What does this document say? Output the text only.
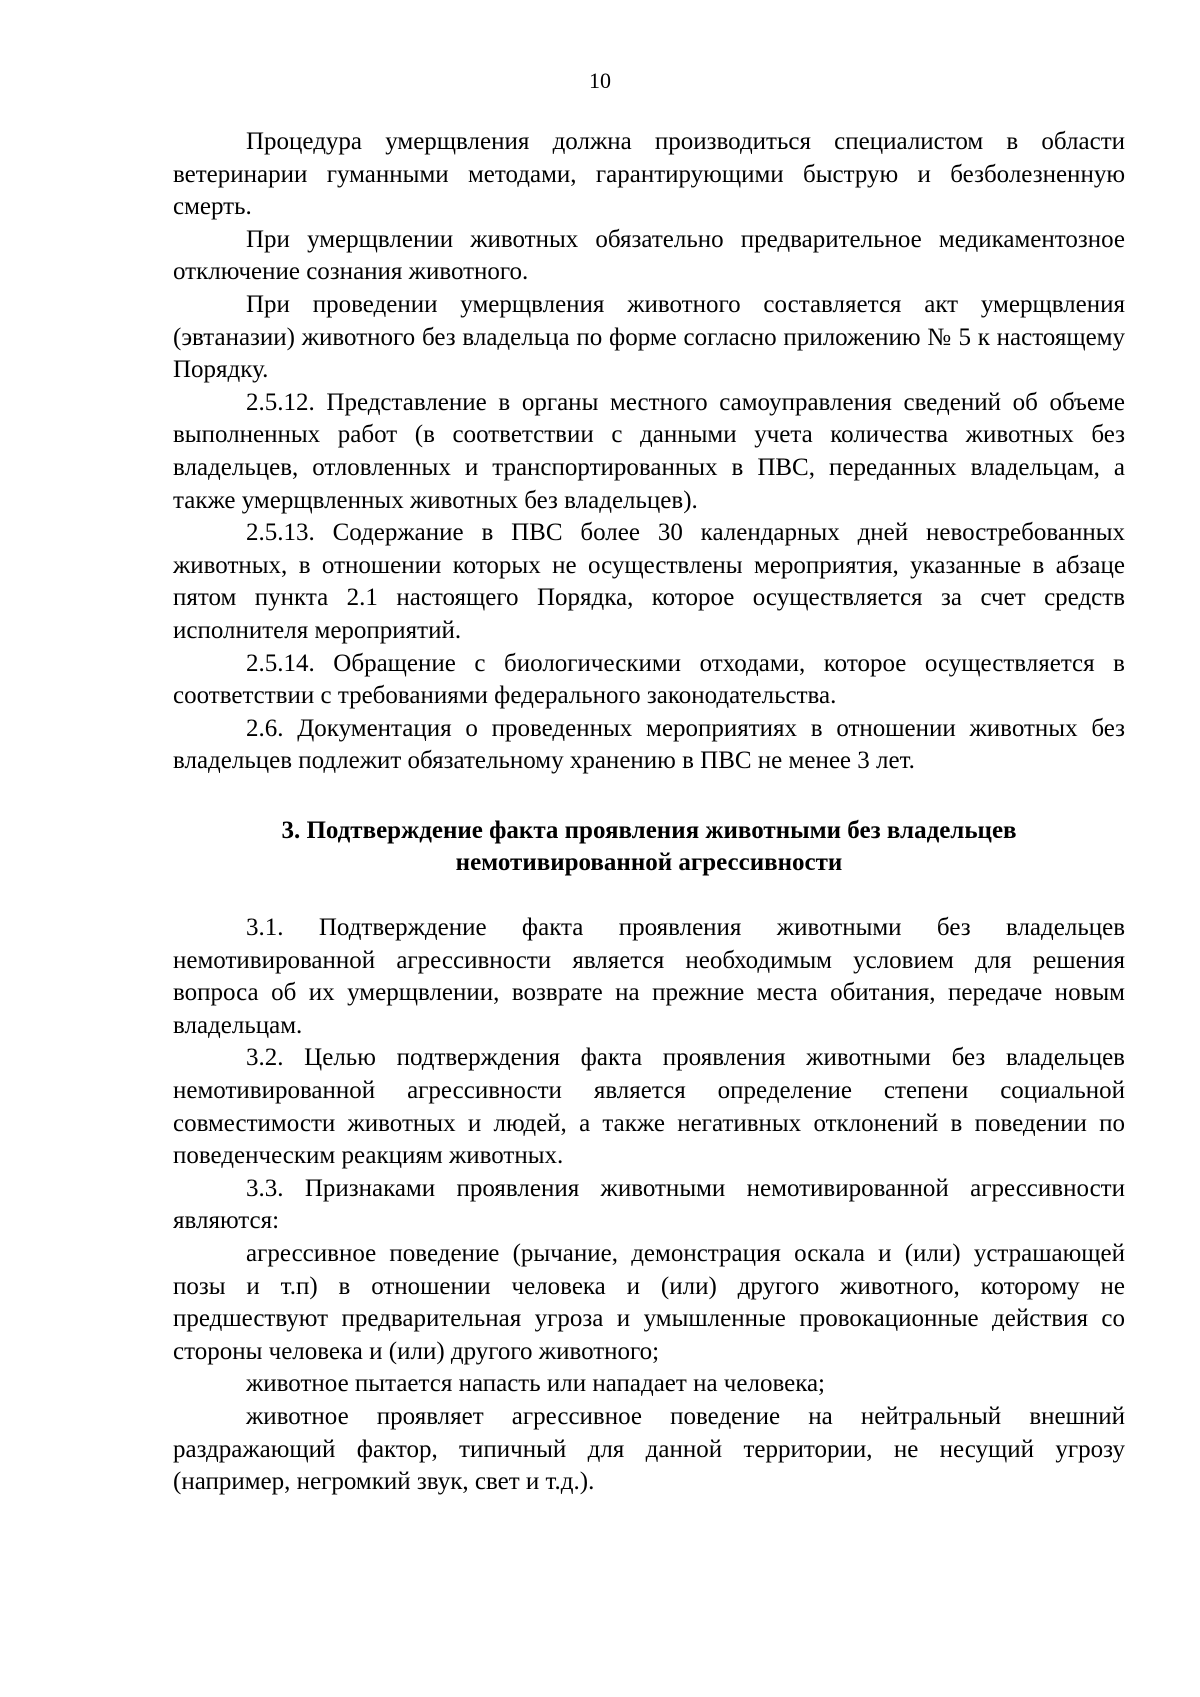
10

Процедура умерщвления должна производиться специалистом в области ветеринарии гуманными методами, гарантирующими быструю и безболезненную смерть.

При умерщвлении животных обязательно предварительное медикаментозное отключение сознания животного.

При проведении умерщвления животного составляется акт умерщвления (эвтаназии) животного без владельца по форме согласно приложению № 5 к настоящему Порядку.

2.5.12. Представление в органы местного самоуправления сведений об объеме выполненных работ (в соответствии с данными учета количества животных без владельцев, отловленных и транспортированных в ПВС, переданных владельцам, а также умерщвленных животных без владельцев).

2.5.13. Содержание в ПВС более 30 календарных дней невостребованных животных, в отношении которых не осуществлены мероприятия, указанные в абзаце пятом пункта 2.1 настоящего Порядка, которое осуществляется за счет средств исполнителя мероприятий.

2.5.14. Обращение с биологическими отходами, которое осуществляется в соответствии с требованиями федерального законодательства.

2.6. Документация о проведенных мероприятиях в отношении животных без владельцев подлежит обязательному хранению в ПВС не менее 3 лет.

3. Подтверждение факта проявления животными без владельцев
немотивированной агрессивности

3.1. Подтверждение факта проявления животными без владельцев немотивированной агрессивности является необходимым условием для решения вопроса об их умерщвлении, возврате на прежние места обитания, передаче новым владельцам.

3.2. Целью подтверждения факта проявления животными без владельцев немотивированной агрессивности является определение степени социальной совместимости животных и людей, а также негативных отклонений в поведении по поведенческим реакциям животных.

3.3. Признаками проявления животными немотивированной агрессивности являются:

агрессивное поведение (рычание, демонстрация оскала и (или) устрашающей позы и т.п) в отношении человека и (или) другого животного, которому не предшествуют предварительная угроза и умышленные провокационные действия со стороны человека и (или) другого животного;

животное пытается напасть или нападает на человека;

животное проявляет агрессивное поведение на нейтральный внешний раздражающий фактор, типичный для данной территории, не несущий угрозу (например, негромкий звук, свет и т.д.).
